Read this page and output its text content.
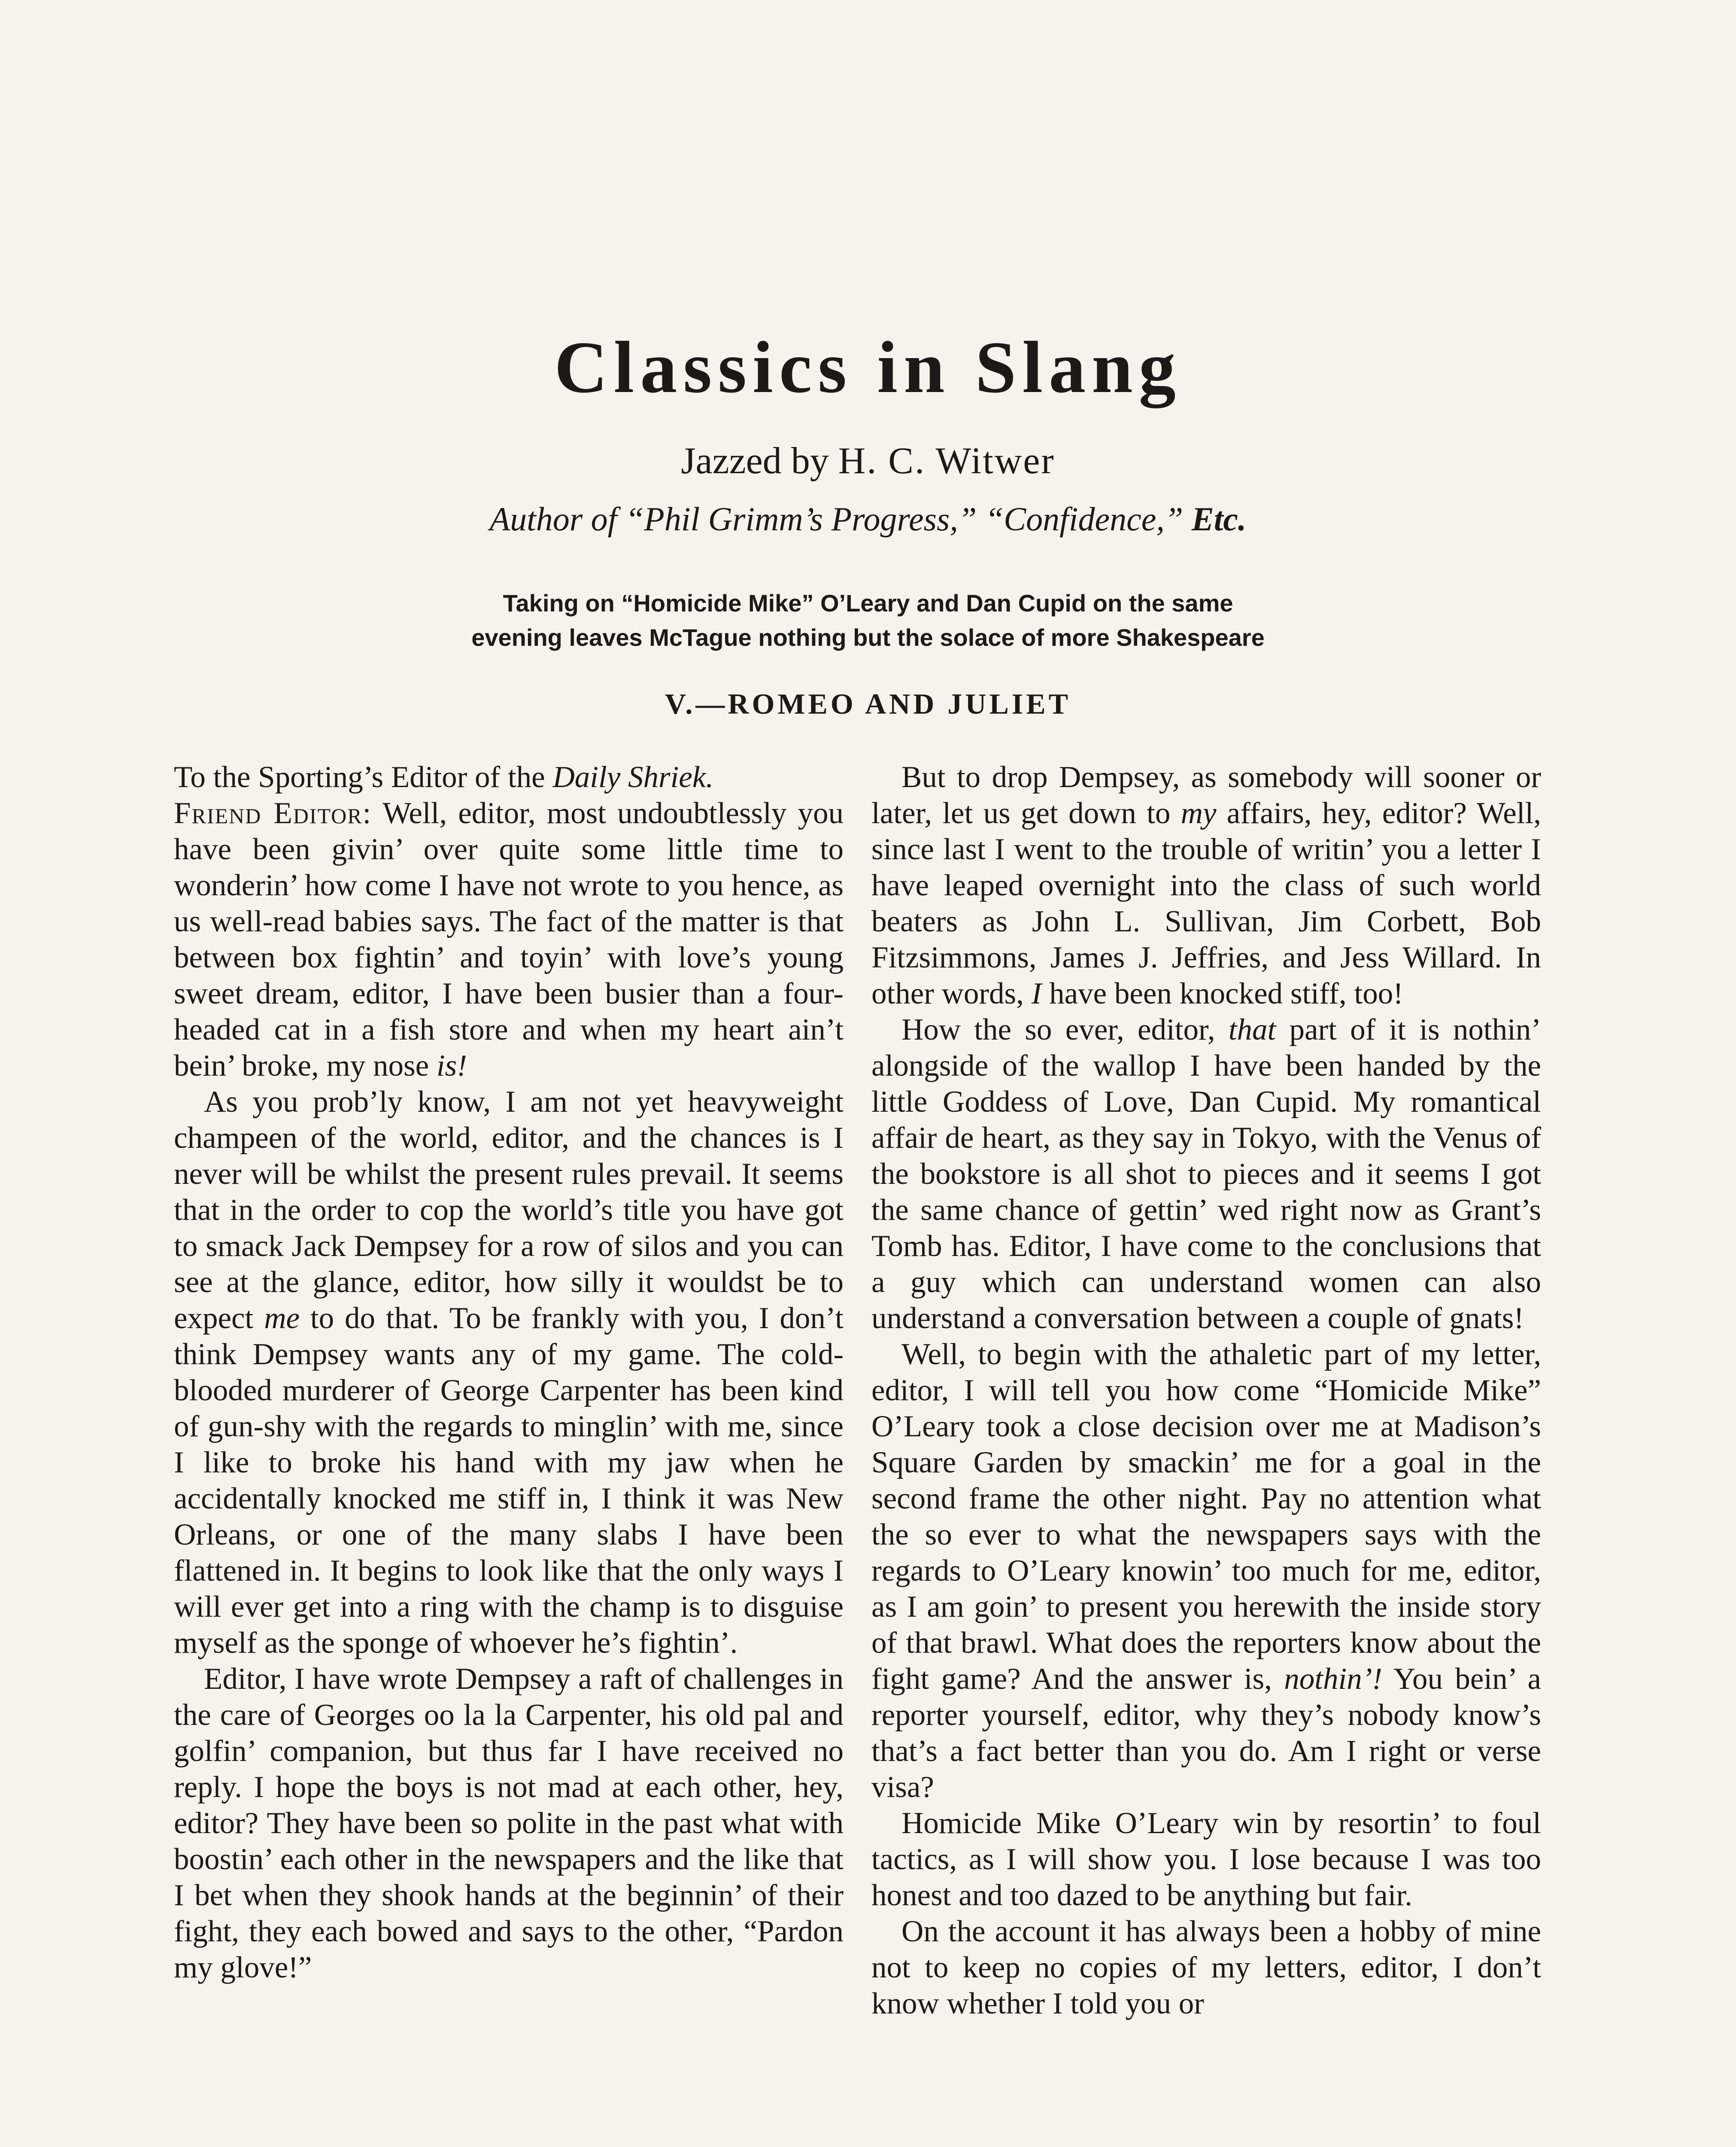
Classics in Slang
Jazzed by H. C. Witwer
Author of “Phil Grimm’s Progress,” “Confidence,” Etc.
Taking on “Homicide Mike” O’Leary and Dan Cupid on the same
evening leaves McTague nothing but the solace of more Shakespeare
V.—ROMEO AND JULIET

To the Sporting’s Editor of the Daily Shriek.

Friend Editor: Well, editor, most undoubtlessly you have been givin’ over quite some little time to wonderin’ how come I have not wrote to you hence, as us well-read babies says. The fact of the matter is that between box fightin’ and toyin’ with love’s young sweet dream, editor, I have been busier than a four-headed cat in a fish store and when my heart ain’t bein’ broke, my nose is!

As you prob’ly know, I am not yet heavyweight champeen of the world, editor, and the chances is I never will be whilst the present rules prevail. It seems that in the order to cop the world’s title you have got to smack Jack Dempsey for a row of silos and you can see at the glance, editor, how silly it wouldst be to expect me to do that. To be frankly with you, I don’t think Dempsey wants any of my game. The cold-blooded murderer of George Carpenter has been kind of gun-shy with the regards to minglin’ with me, since I like to broke his hand with my jaw when he accidentally knocked me stiff in, I think it was New Orleans, or one of the many slabs I have been flattened in. It begins to look like that the only ways I will ever get into a ring with the champ is to disguise myself as the sponge of whoever he’s fightin’.

Editor, I have wrote Dempsey a raft of challenges in the care of Georges oo la la Carpenter, his old pal and golfin’ companion, but thus far I have received no reply. I hope the boys is not mad at each other, hey, editor? They have been so polite in the past what with boostin’ each other in the newspapers and the like that I bet when they shook hands at the beginnin’ of their fight, they each bowed and says to the other, “Pardon my glove!”

But to drop Dempsey, as somebody will sooner or later, let us get down to my affairs, hey, editor? Well, since last I went to the trouble of writin’ you a letter I have leaped overnight into the class of such world beaters as John L. Sullivan, Jim Corbett, Bob Fitzsimmons, James J. Jeffries, and Jess Willard. In other words, I have been knocked stiff, too!

How the so ever, editor, that part of it is nothin’ alongside of the wallop I have been handed by the little Goddess of Love, Dan Cupid. My romantical affair de heart, as they say in Tokyo, with the Venus of the bookstore is all shot to pieces and it seems I got the same chance of gettin’ wed right now as Grant’s Tomb has. Editor, I have come to the conclusions that a guy which can understand women can also understand a conversation between a couple of gnats!

Well, to begin with the athaletic part of my letter, editor, I will tell you how come “Homicide Mike” O’Leary took a close decision over me at Madison’s Square Garden by smackin’ me for a goal in the second frame the other night. Pay no attention what the so ever to what the newspapers says with the regards to O’Leary knowin’ too much for me, editor, as I am goin’ to present you herewith the inside story of that brawl. What does the reporters know about the fight game? And the answer is, nothin’! You bein’ a reporter yourself, editor, why they’s nobody know’s that’s a fact better than you do. Am I right or verse visa?

Homicide Mike O’Leary win by resortin’ to foul tactics, as I will show you. I lose because I was too honest and too dazed to be anything but fair.

On the account it has always been a hobby of mine not to keep no copies of my letters, editor, I don’t know whether I told you or
